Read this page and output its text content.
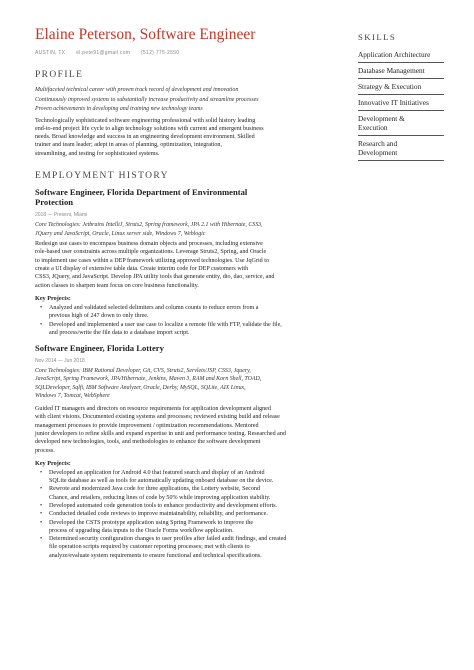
Elaine Peterson, Software Engineer
AUSTIN, TX el.pete91@gmail.com (512) 775-2550
PROFILE
Multifaceted technical career with proven track record of development and innovation
Continuously improved systems to substantially increase productivity and streamline processes
Proven achievements in developing and training new technology teams
Technologically sophisticated software engineering professional with solid history leading
end-to-end project life cycle to align technology solutions with current and emergent business
needs. Broad knowledge and success in an engineering development environment. Skilled
trainer and team leader; adept in areas of planning, optimization, integration,
streamlining, and testing for sophisticated systems.
EMPLOYMENT HISTORY
Software Engineer, Florida Department of Environmental
Protection
2018 — Present, Miami
Core Technologies: Jetbrains IntelliJ, Struts2, Spring framework, JPA 2.1 with Hibernate, CSS3,
JQuery and JavaScript, Oracle, Linux server side, Windows 7, Weblogic
Redesign use cases to encompass business domain objects and processes, including extensive
role-based user constraints across multiple organizations. Leverage Struts2, Spring, and Oracle
to implement use cases within a DEP framework utilizing approved technologies. Use JqGrid to
create a UI display of extensive table data. Create interim code for DEP customers with
CSS3, JQuery, and JavaScript. Develop JPA utility tools that generate entity, dto, dao, service, and
action classes to sharpen team focus on core business functionality.
Key Projects:
• Analyzed and validated selected delimiters and column counts to reduce errors from a
previous high of 247 down to only three.
• Developed and implemented a user use case to localize a remote file with FTP, validate the file,
and process/write the file data to a database import script.
Software Engineer, Florida Lottery
Nov 2014 — Jun 2018
Core Technologies: IBM Rational Developer, Git, CVS, Struts2, Servlets/JSP, CSS3, Jquery,
JavaScript, Spring Framework, JPA/Hibernate, Jenkins, Maven 3, RAM and Korn Shell, TOAD,
SQLDeveloper, Sqlfi, IBM Software Analyzer, Oracle, Derby, MySQL, SQLite, AIX Linux,
Windows 7, Tomcat, WebSphere
Guided IT managers and directors on resource requirements for application development aligned
with client visions. Documented existing systems and processes; reviewed existing build and release
management processes to provide improvement / optimization recommendations. Mentored
junior developers to refine skills and expand expertise in unit and performance testing. Researched and
developed new technologies, tools, and methodologies to enhance the software development
process.
Key Projects:
• Developed an application for Android 4.0 that featured search and display of an Android
SQLite database as well as tools for automatically updating onboard database on the device.
• Rewrote and modernized Java code for three applications, the Lottery website, Second
Chance, and retailers, reducing lines of code by 50% while improving application stability.
• Developed automated code generation tools to enhance productivity and development efforts.
• Conducted detailed code reviews to improve maintainability, reliability, and performance.
• Developed the CSTS prototype application using Spring Framework to improve the
process of upgrading data inputs to the Oracle Forms workflow application.
• Determined security configuration changes to user profiles after failed audit findings, and created
file operation scripts required by customer reporting processes; met with clients to
analyze/evaluate system requirements to ensure functional and technical specifications.
SKILLS
Application Architecture
Database Management
Strategy & Execution
Innovative IT Initiatives
Development &
Execution
Research and
Development
